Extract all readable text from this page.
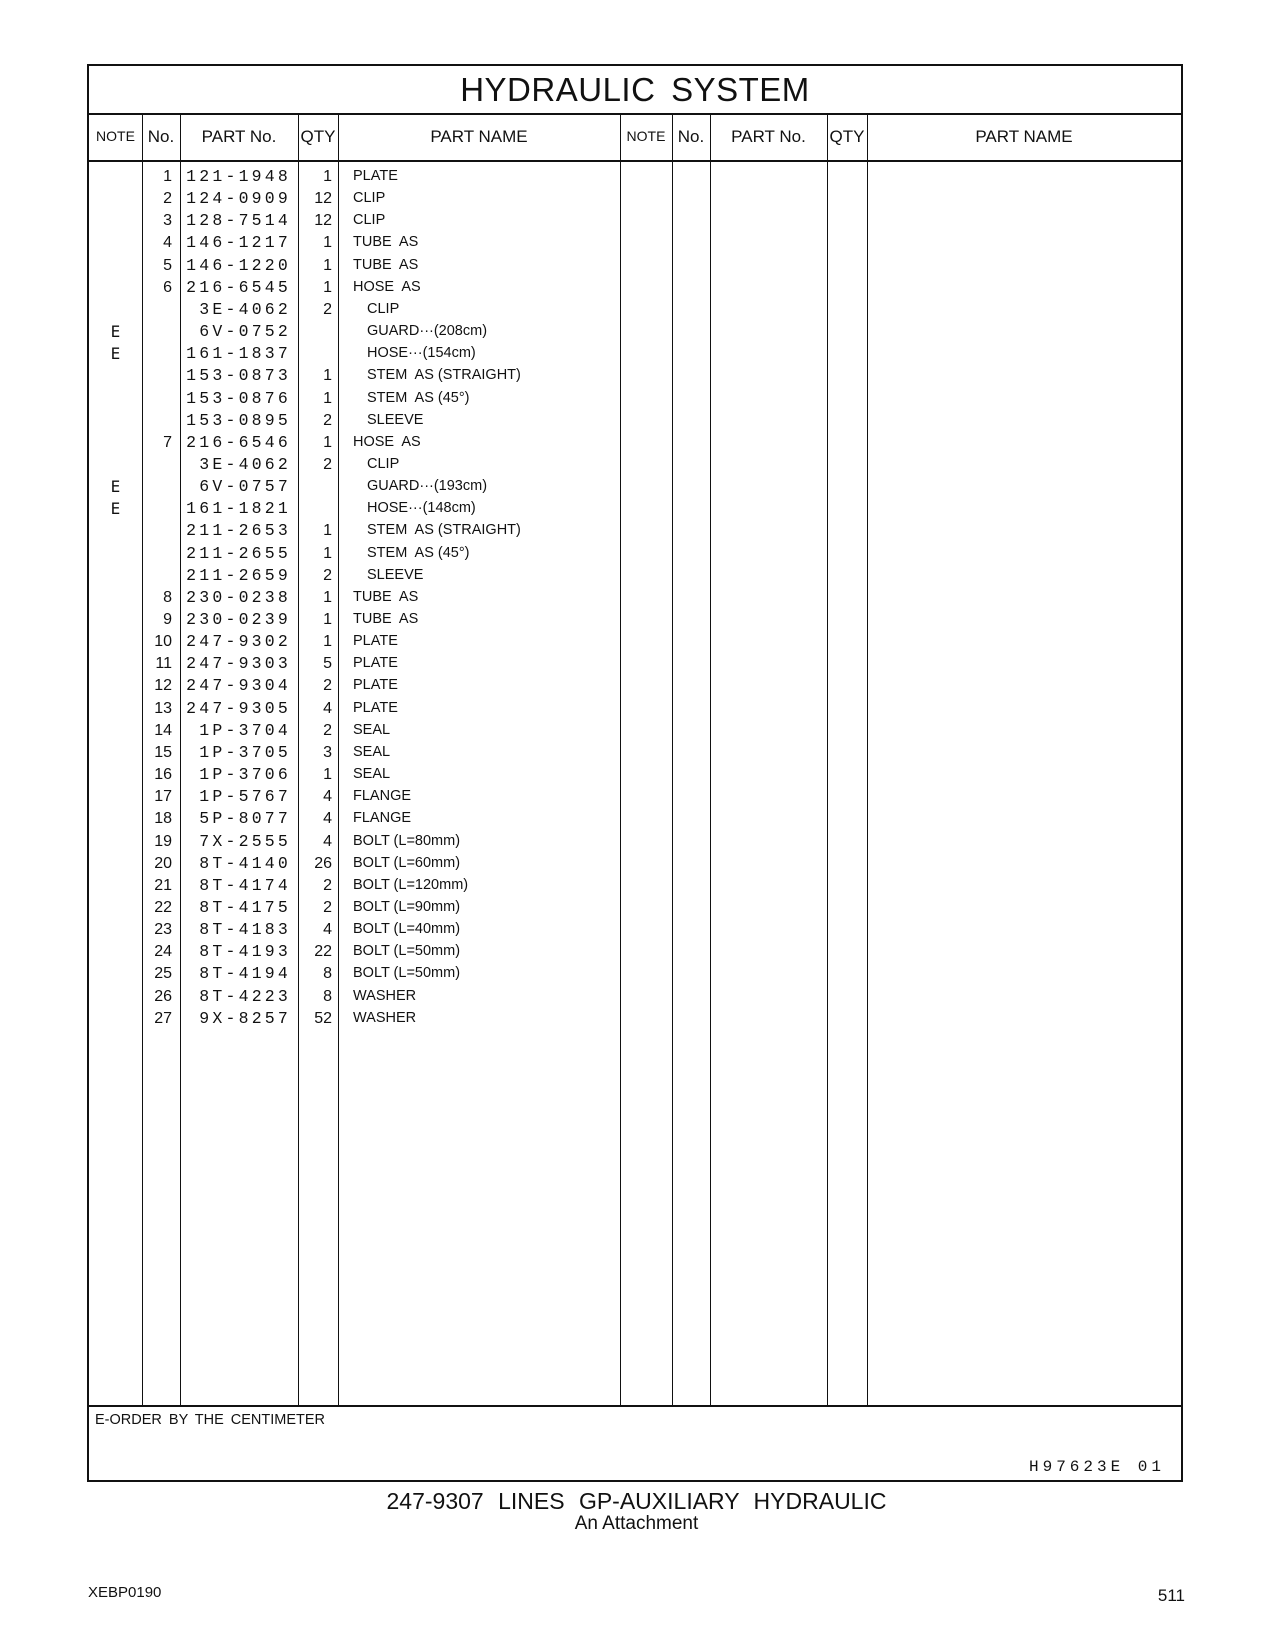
HYDRAULIC SYSTEM
NOTE No.	PART No.	QTY	PART NAME	NOTE No.	PART No.	QTY	PART NAME
1 121-1948	1 PLATE
2 124-0909	12 CLIP
3 128-7514	12 CLIP
4 146-1217	1 TUBE  AS
5 146-1220	1 TUBE  AS
6 216-6545	1 HOSE  AS
3E-4062	2 CLIP
E	6V-0752	GUARD···(208cm)
E	161-1837	HOSE···(154cm)
153-0873	1 STEM  AS (STRAIGHT)
153-0876	1 STEM  AS (45°)
153-0895	2 SLEEVE
7 216-6546	1 HOSE  AS
3E-4062	2 CLIP
E	6V-0757	GUARD···(193cm)
E	161-1821	HOSE···(148cm)
211-2653	1 STEM  AS (STRAIGHT)
211-2655	1 STEM  AS (45°)
211-2659	2 SLEEVE
8 230-0238	1 TUBE  AS
9 230-0239	1 TUBE  AS
10 247-9302	1 PLATE
11 247-9303	5 PLATE
12 247-9304	2 PLATE
13 247-9305	4 PLATE
14	1P-3704	2 SEAL
15	1P-3705	3 SEAL
16	1P-3706	1 SEAL
17	1P-5767	4 FLANGE
18	5P-8077	4 FLANGE
19	7X-2555	4 BOLT (L=80mm)
20	8T-4140	26 BOLT (L=60mm)
21	8T-4174	2 BOLT (L=120mm)
22	8T-4175	2 BOLT (L=90mm)
23	8T-4183	4 BOLT (L=40mm)
24	8T-4193	22 BOLT (L=50mm)
25	8T-4194	8 BOLT (L=50mm)
26	8T-4223	8 WASHER
27	9X-8257	52 WASHER
E-ORDER BY THE CENTIMETER
H97623E 01
247-9307 LINES GP-AUXILIARY HYDRAULIC
An Attachment
XEBP0190	511
